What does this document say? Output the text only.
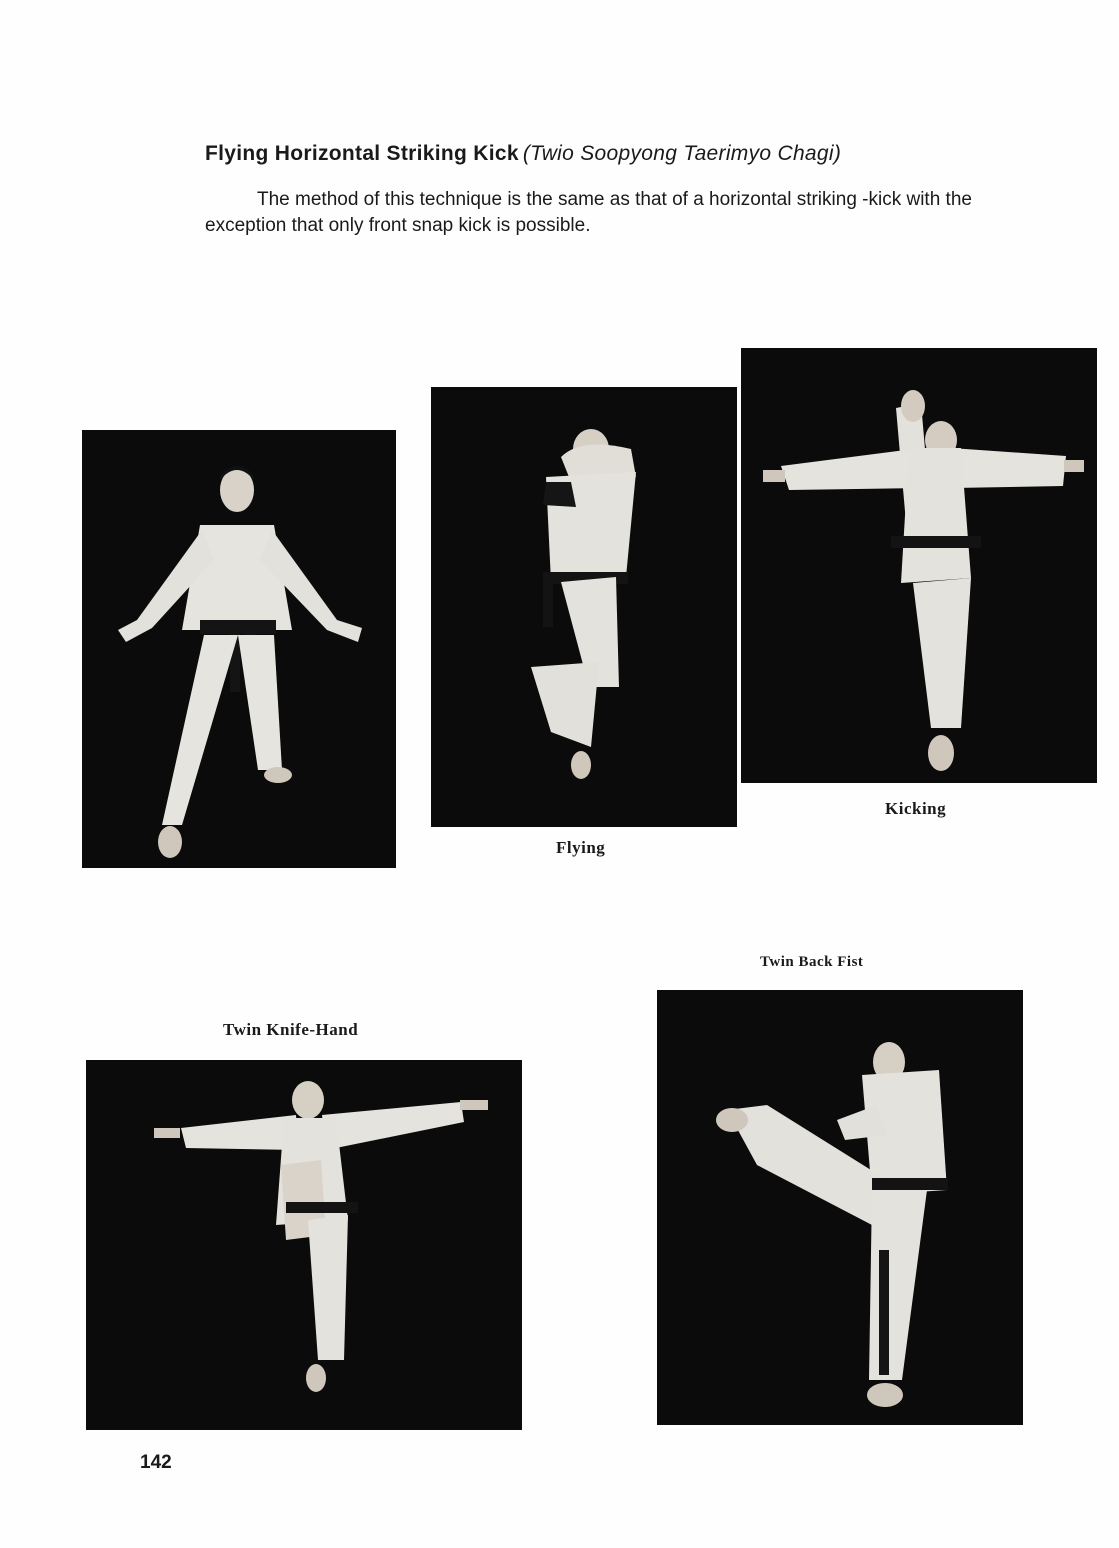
Flying Horizontal Striking Kick (Twio Soopyong Taerimyo Chagi)
The method of this technique is the same as that of a horizontal striking -kick with the exception that only front snap kick is possible.
Kicking
Flying
Twin Knife-Hand
Twin Back Fist
142
